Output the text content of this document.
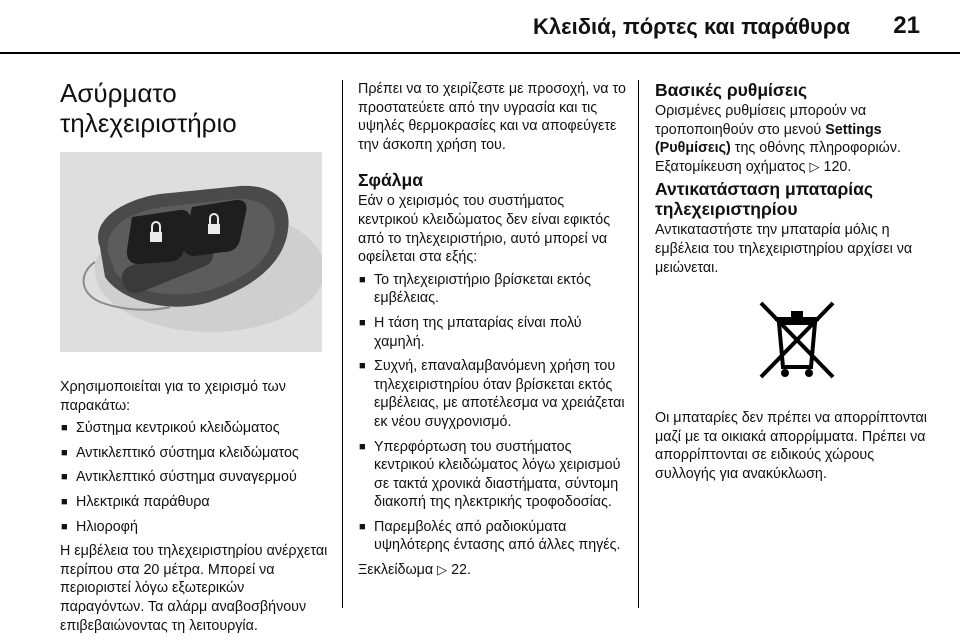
Κλειδιά, πόρτες και παράθυρα 21
Ασύρματο τηλεχειριστήριο

Χρησιμοποιείται για το χειρισμό των παρακάτω:

■ Σύστημα κεντρικού κλειδώματος
■ Αντικλεπτικό σύστημα κλειδώματος
■ Αντικλεπτικό σύστημα συναγερμού
■ Ηλεκτρικά παράθυρα
■ Ηλιοροφή

Η εμβέλεια του τηλεχειριστηρίου ανέρχεται περίπου στα 20 μέτρα. Μπορεί να περιοριστεί λόγω εξωτερικών παραγόντων. Τα αλάρμ αναβοσβήνουν επιβεβαιώνοντας τη λειτουργία.

Πρέπει να το χειρίζεστε με προσοχή, να το προστατεύετε από την υγρασία και τις υψηλές θερμοκρασίες και να αποφεύγετε την άσκοπη χρήση του.

Σφάλμα

Εάν ο χειρισμός του συστήματος κεντρικού κλειδώματος δεν είναι εφικτός από το τηλεχειριστήριο, αυτό μπορεί να οφείλεται στα εξής:

■ Το τηλεχειριστήριο βρίσκεται εκτός εμβέλειας.
■ Η τάση της μπαταρίας είναι πολύ χαμηλή.
■ Συχνή, επαναλαμβανόμενη χρήση του τηλεχειριστηρίου όταν βρίσκεται εκτός εμβέλειας, με αποτέλεσμα να χρειάζεται εκ νέου συγχρονισμό.
■ Υπερφόρτωση του συστήματος κεντρικού κλειδώματος λόγω χειρισμού σε τακτά χρονικά διαστήματα, σύντομη διακοπή της ηλεκτρικής τροφοδοσίας.
■ Παρεμβολές από ραδιοκύματα υψηλότερης έντασης από άλλες πηγές.

Ξεκλείδωμα ▷ 22.

Βασικές ρυθμίσεις

Ορισμένες ρυθμίσεις μπορούν να τροποποιηθούν στο μενού Settings (Ρυθμίσεις) της οθόνης πληροφοριών. Εξατομίκευση οχήματος ▷ 120.

Αντικατάσταση μπαταρίας τηλεχειριστηρίου

Αντικαταστήστε την μπαταρία μόλις η εμβέλεια του τηλεχειριστηρίου αρχίσει να μειώνεται.

Οι μπαταρίες δεν πρέπει να απορρίπτονται μαζί με τα οικιακά απορρίμματα. Πρέπει να απορρίπτονται σε ειδικούς χώρους συλλογής για ανακύκλωση.
